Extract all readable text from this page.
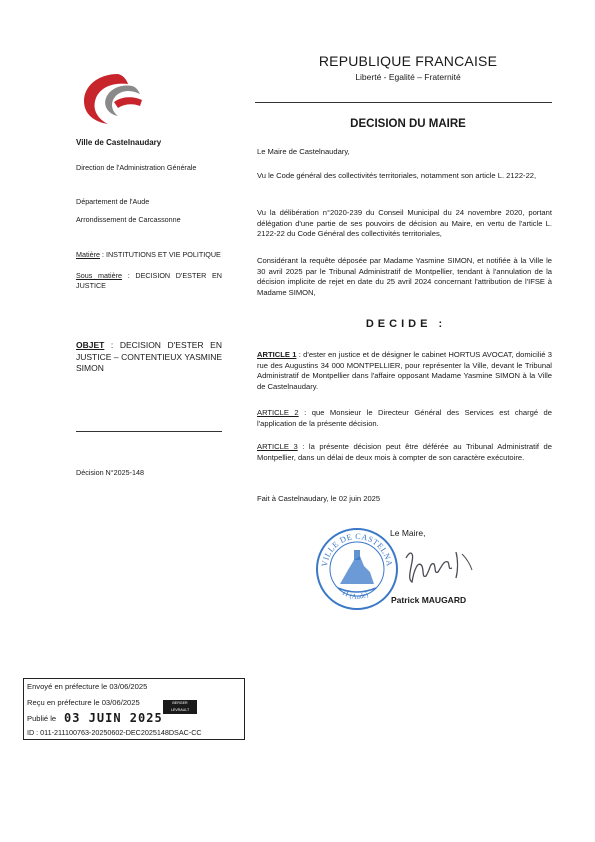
Ville de Castelnaudary
REPUBLIQUE FRANCAISE
Liberté - Egalité – Fraternité
DECISION DU MAIRE
Direction de l'Administration Générale
Département de l'Aude
Arrondissement de Carcassonne
Matière : INSTITUTIONS ET VIE POLITIQUE
Sous matière : DECISION D'ESTER EN JUSTICE
OBJET : DECISION D'ESTER EN JUSTICE – CONTENTIEUX YASMINE SIMON
Décision N°2025-148
Le Maire de Castelnaudary,
Vu le Code général des collectivités territoriales, notamment son article L. 2122-22,
Vu la délibération n°2020-239 du Conseil Municipal du 24 novembre 2020, portant délégation d'une partie de ses pouvoirs de décision au Maire, en vertu de l'article L. 2122-22 du Code Général des collectivités territoriales,
Considérant la requête déposée par Madame Yasmine SIMON, et notifiée à la Ville le 30 avril 2025 par le Tribunal Administratif de Montpellier, tendant à l'annulation de la décision implicite de rejet en date du 25 avril 2024 concernant l'attribution de l'IFSE à Madame SIMON,
DECIDE :
ARTICLE 1 : d'ester en justice et de désigner le cabinet HORTUS AVOCAT, domicilié 3 rue des Augustins 34 000 MONTPELLIER, pour représenter la Ville, devant le Tribunal Administratif de Montpellier dans l'affaire opposant Madame Yasmine SIMON à la Ville de Castelnaudary.
ARTICLE 2 : que Monsieur le Directeur Général des Services est chargé de l'application de la présente décision.
ARTICLE 3 : la présente décision peut être déférée au Tribunal Administratif de Montpellier, dans un délai de deux mois à compter de son caractère exécutoire.
Fait à Castelnaudary, le 02 juin 2025
Le Maire,
VILLE DE CASTELNA
11 (Aude)
Patrick MAUGARD
Envoyé en préfecture le 03/06/2025
Reçu en préfecture le 03/06/2025	BERGER LEVRAULT
Publié le 03 JUIN 2025
ID : 011-211100763-20250602-DEC2025148DSAC-CC
